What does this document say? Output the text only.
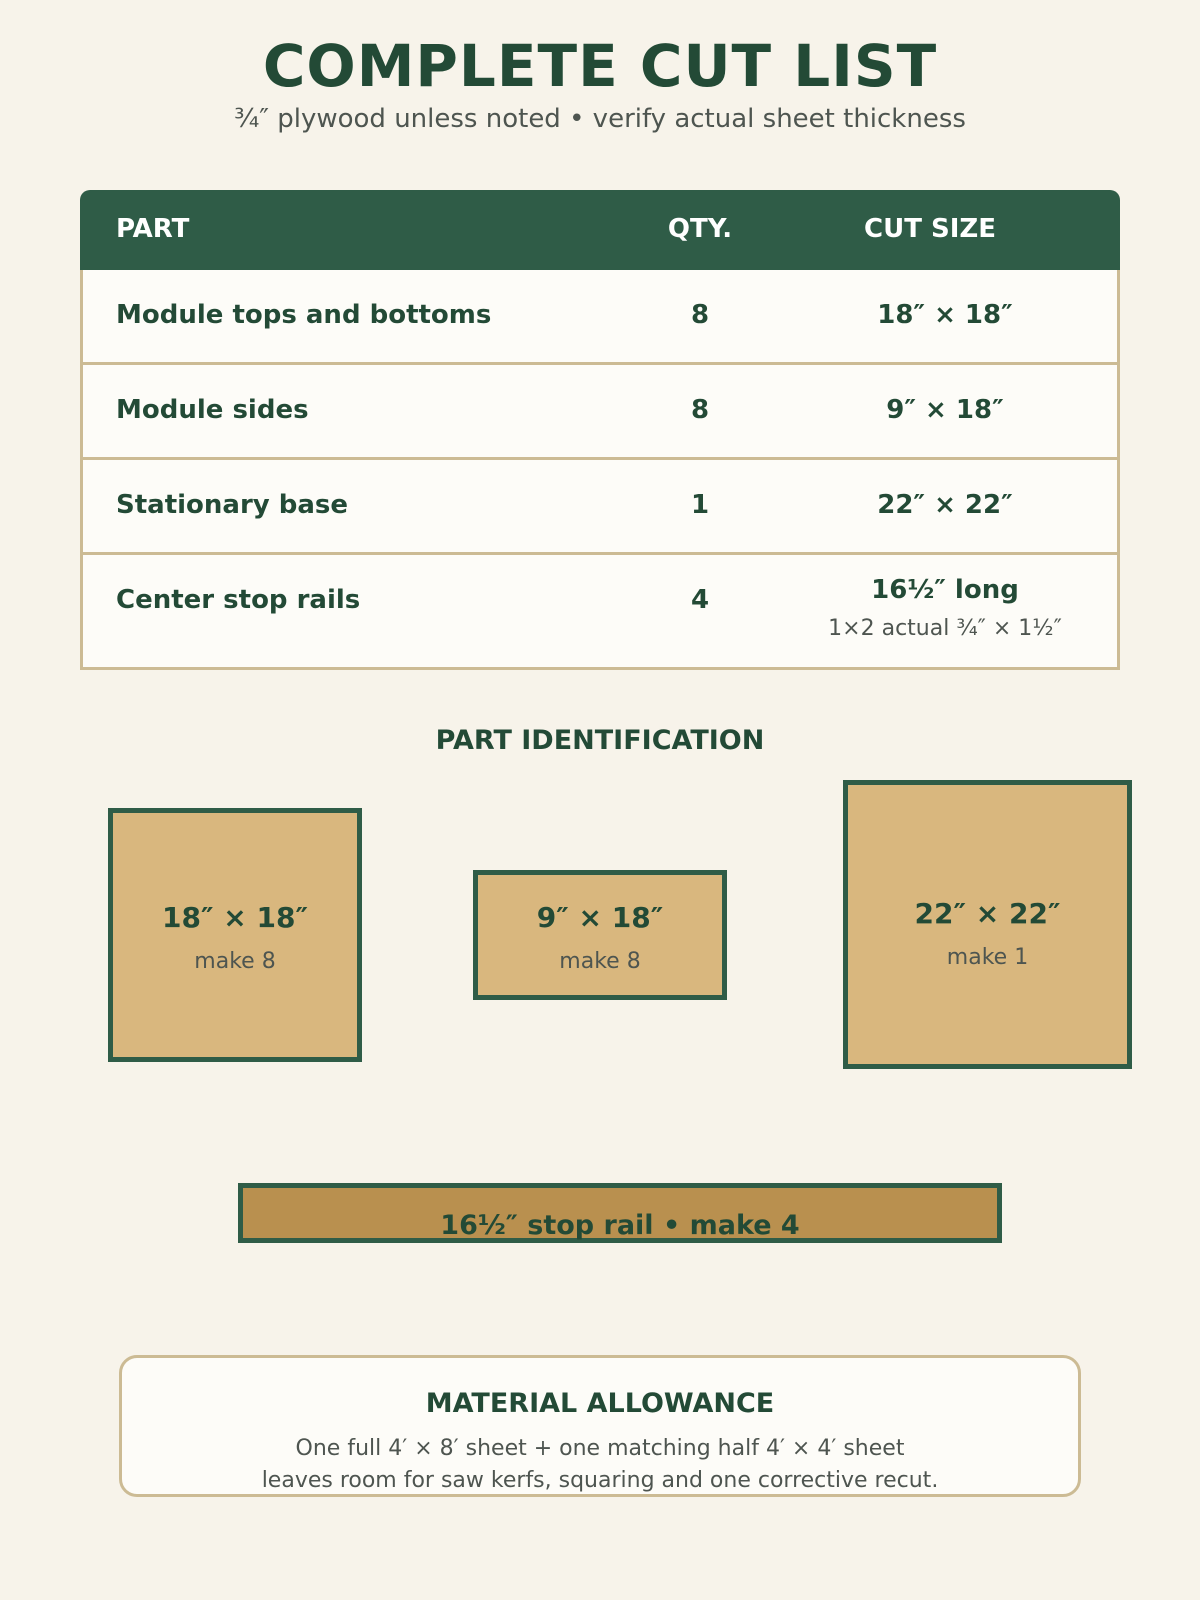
COMPLETE CUT LIST
¾″ plywood unless noted • verify actual sheet thickness
PART	QTY.	CUT SIZE
Module tops and bottoms	8	18″ × 18″
Module sides	8	9″ × 18″
Stationary base	1	22″ × 22″
Center stop rails	4	16½″ long
1×2 actual ¾″ × 1½″
PART IDENTIFICATION
18″ × 18″
make 8
9″ × 18″
make 8
22″ × 22″
make 1
16½″ stop rail • make 4
MATERIAL ALLOWANCE
One full 4′ × 8′ sheet + one matching half 4′ × 4′ sheet
leaves room for saw kerfs, squaring and one corrective recut.
